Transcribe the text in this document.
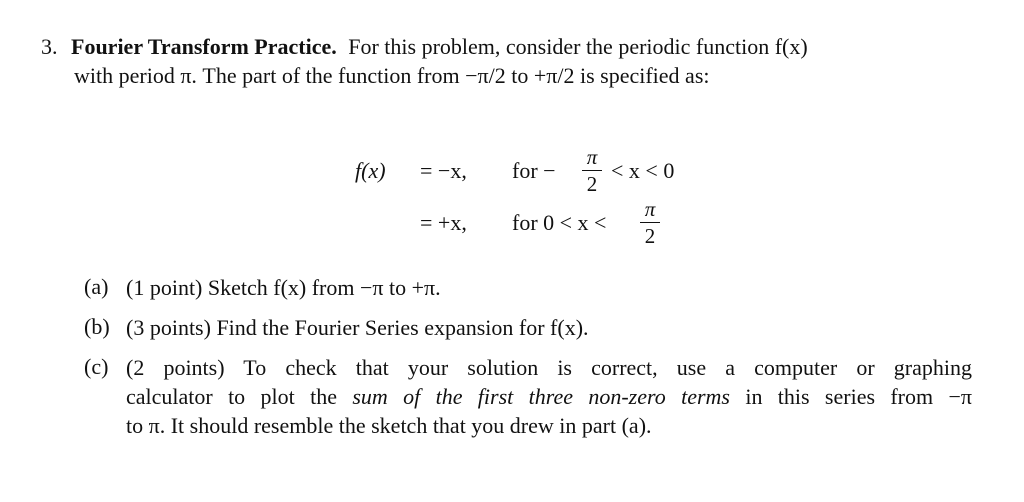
3. Fourier Transform Practice. For this problem, consider the periodic function f(x)
with period π. The part of the function from −π/2 to +π/2 is specified as:
f(x) = −x, for −
π
2
< x < 0
= +x, for 0 < x <
π
2
(a) (1 point) Sketch f(x) from −π to +π.
(b) (3 points) Find the Fourier Series expansion for f(x).
(c) (2 points) To check that your solution is correct, use a computer or graphing
calculator to plot the sum of the first three non-zero terms in this series from −π
to π. It should resemble the sketch that you drew in part (a).
